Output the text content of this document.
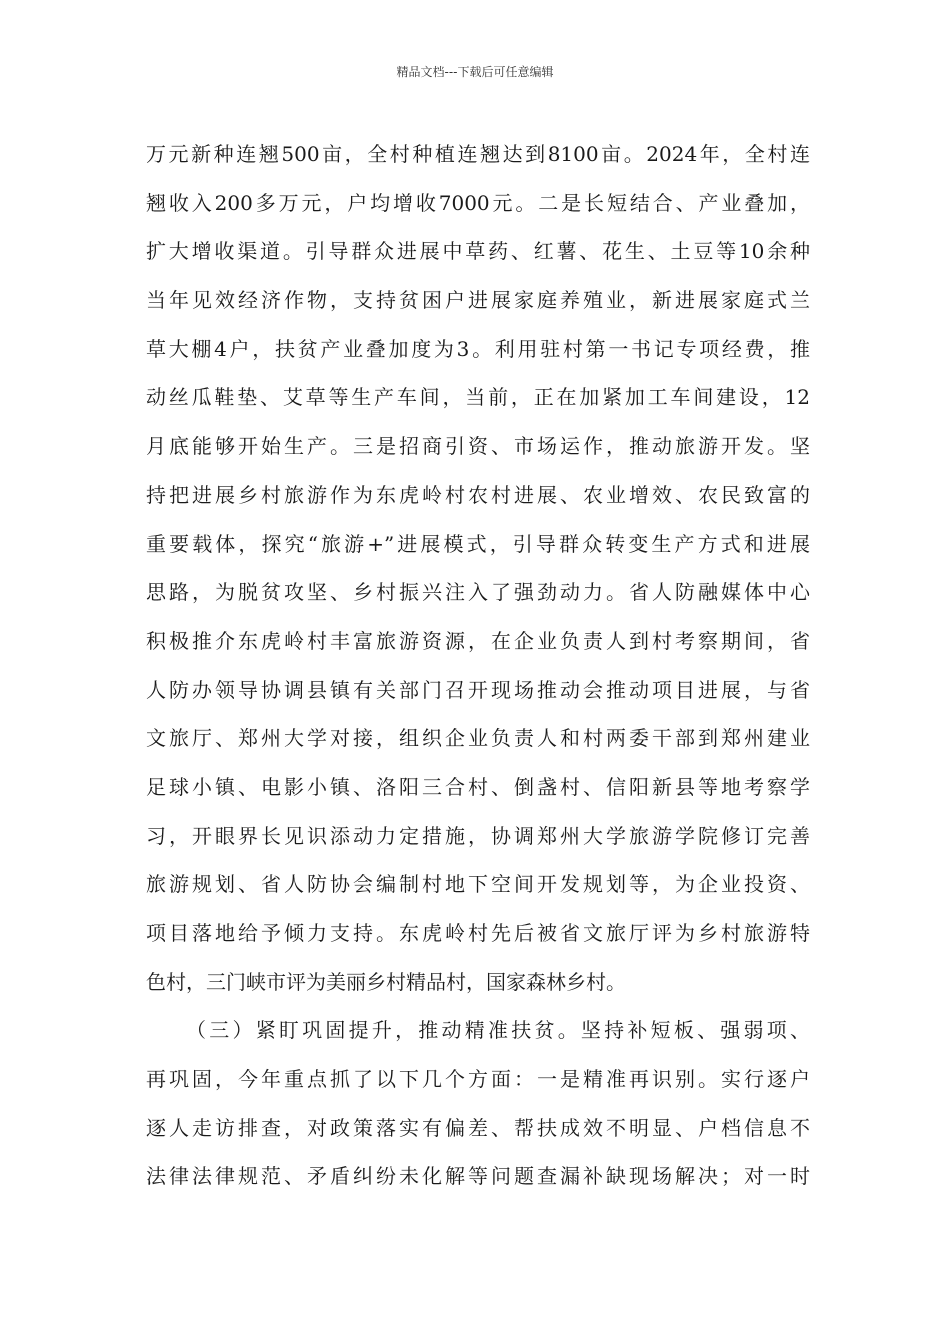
精品文档---下载后可任意编辑
万元新种连翘500亩，全村种植连翘达到8100亩。2024年，全村连
翘收入200多万元，户均增收7000元。二是长短结合、产业叠加，
扩大增收渠道。引导群众进展中草药、红薯、花生、土豆等10余种
当年见效经济作物，支持贫困户进展家庭养殖业，新进展家庭式兰
草大棚4户，扶贫产业叠加度为3。利用驻村第一书记专项经费，推
动丝瓜鞋垫、艾草等生产车间，当前，正在加紧加工车间建设，12
月底能够开始生产。三是招商引资、市场运作，推动旅游开发。坚
持把进展乡村旅游作为东虎岭村农村进展、农业增效、农民致富的
重要载体，探究“旅游+”进展模式，引导群众转变生产方式和进展
思路，为脱贫攻坚、乡村振兴注入了强劲动力。省人防融媒体中心
积极推介东虎岭村丰富旅游资源，在企业负责人到村考察期间，省
人防办领导协调县镇有关部门召开现场推动会推动项目进展，与省
文旅厅、郑州大学对接，组织企业负责人和村两委干部到郑州建业
足球小镇、电影小镇、洛阳三合村、倒盏村、信阳新县等地考察学
习，开眼界长见识添动力定措施，协调郑州大学旅游学院修订完善
旅游规划、省人防协会编制村地下空间开发规划等，为企业投资、
项目落地给予倾力支持。东虎岭村先后被省文旅厅评为乡村旅游特
色村，三门峡市评为美丽乡村精品村，国家森林乡村。
（三）紧盯巩固提升，推动精准扶贫。坚持补短板、强弱项、
再巩固，今年重点抓了以下几个方面：一是精准再识别。实行逐户
逐人走访排查，对政策落实有偏差、帮扶成效不明显、户档信息不
法律法律规范、矛盾纠纷未化解等问题查漏补缺现场解决；对一时
